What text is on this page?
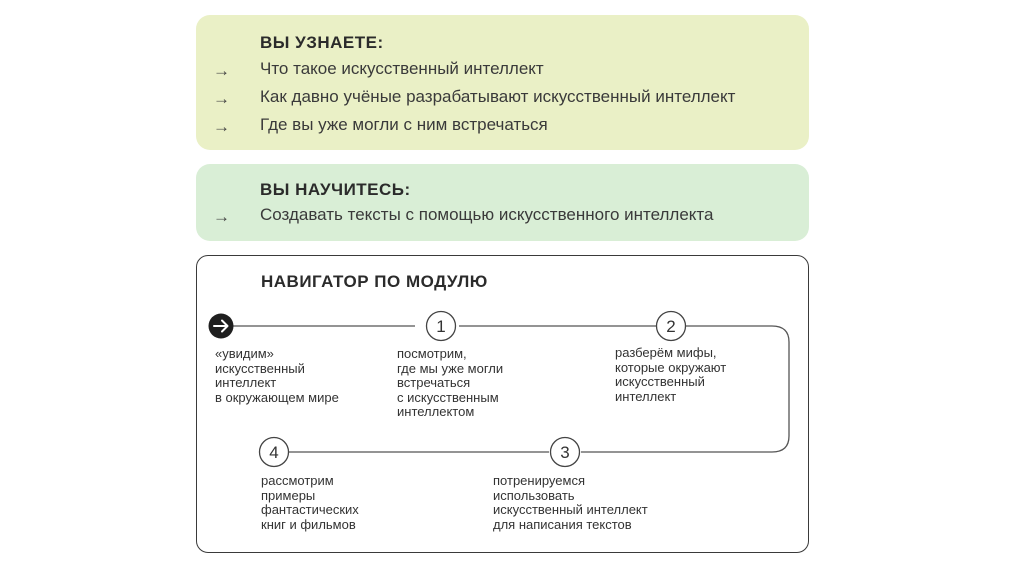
ВЫ УЗНАЕТЕ:
→ Что такое искусственный интеллект
→ Как давно учёные разрабатывают искусственный интеллект
→ Где вы уже могли с ним встречаться
ВЫ НАУЧИТЕСЬ:
→ Создавать тексты с помощью искусственного интеллекта
НАВИГАТОР ПО МОДУЛЮ
1	2
3
4
«увидим»
искусственный
интеллект
в окружающем мире
посмотрим,
где мы уже могли
встречаться
с искусственным
интеллектом
разберём мифы,
которые окружают
искусственный
интеллект
потренируемся
использовать
искусственный интеллект
для написания текстов
рассмотрим
примеры
фантастических
книг и фильмов
